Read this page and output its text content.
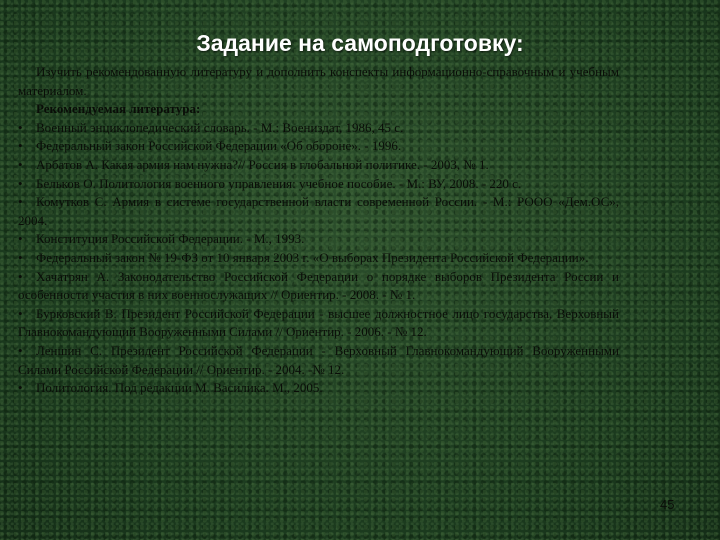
Задание на самоподготовку:

Изучить рекомендованную литературу и дополнить конспекты информационно-справочным и учебным материалом.

Рекомендуемая литература:

• Военный энциклопедический словарь. - М.: Воениздат, 1986, 45 с.

• Федеральный закон Российской Федерации «Об обороне». - 1996.

• Арбатов А. Какая армия нам нужна?// Россия в глобальной политике. - 2003, № 1.

• Бельков О. Политология военного управления: учебное пособие. - М.: ВУ, 2008. - 220 с.

• Комутков С. Армия в системе государственной власти современной России. - М.: РООО «Дем.ОС», 2004.

• Конституция Российской Федерации. - М., 1993.

• Федеральный закон № 19-ФЗ от 10 января 2003 г. «О выборах Президента Российской Федерации».

• Хачатрян А. Законодательство Российской Федерации о порядке выборов Президента России и особенности участия в них военнослужащих // Ориентир. - 2008. - № 1.

• Бурковский В. Президент Российской Федерации - высшее должностное лицо государства, Верховный Главнокомандующий Вооруженными Силами // Ориентир. - 2006. - № 12.

• Леншин С. Президент Российской Федерации - Верховный Главнокомандующий Вооруженными Силами Российской Федерации // Ориентир. - 2004. -№ 12.

• Политология. Под редакции М. Василика. М., 2005.

45
